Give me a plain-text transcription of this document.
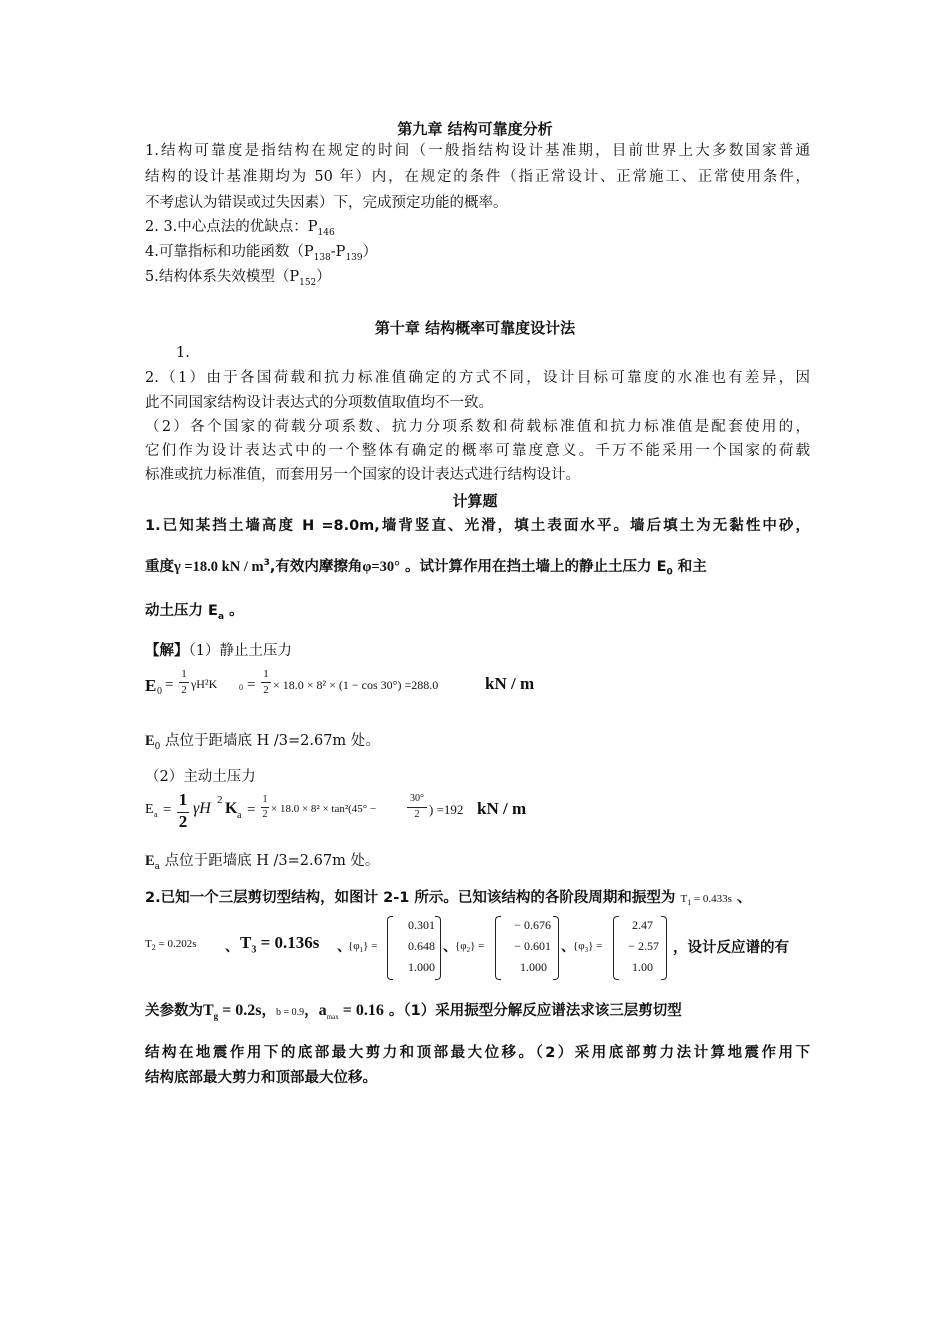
第九章 结构可靠度分析
1.结构可靠度是指结构在规定的时间（一般指结构设计基准期，目前世界上大多数国家普通
结构的设计基准期均为 50 年）内，在规定的条件（指正常设计、正常施工、正常使用条件，
不考虑认为错误或过失因素）下，完成预定功能的概率。
2. 3.中心点法的优缺点：$P_{146}$
4.可靠指标和功能函数$(P_{138}-P_{139})$
5.结构体系失效模型$(P_{152})$
第十章 结构概率可靠度设计法
1.
2.（1）由于各国荷载和抗力标准值确定的方式不同，设计目标可靠度的水准也有差异，因
此不同国家结构设计表达式的分项数值取值均不一致。
（2）各个国家的荷载分项系数、抗力分项系数和荷载标准值和抗力标准值是配套使用的，
它们作为设计表达式中的一个整体有确定的概率可靠度意义。千万不能采用一个国家的荷载
标准或抗力标准值，而套用另一个国家的设计表达式进行结构设计。
计算题
1.已知某挡土墙高度 H =8.0m,墙背竖直、光滑，填土表面水平。墙后填土为无黏性中砂，
重度γ =18.0 kN / $m^3$,有效内摩擦角φ=30° 。试计算作用在挡土墙上的静止土压力 $E_0$ 和主
动土压力 $E_a$ 。
【解】（1）静止土压力
E 0 =
1
2 γH²K	0 =
1
2 × 18.0 × 8² × (1 − cos 30°) =288.0	kN / m
$E_0$ 点位于距墙底 H /3=2.67m 处。
（2）主动土压力
E a =
1
2
γH 2 K a =
1
2 × 18.0 × 8² × tan²(45° −
30°
2 ) =192 kN / m
$E_a$ 点位于距墙底 H /3=2.67m 处。
2.已知一个三层剪切型结构，如图计 2-1 所示。已知该结构的各阶段周期和振型为 $T_1 = 0.433s$ 、
$T_2 = 0.202s$ 、 $T_3 = 0.136s$ 、
$\{\varphi_1\}$ =
0.301
0.648
1.000
、
$\{\varphi_2\}$ =
− 0.676
− 0.601
1.000
、
$\{\varphi_3\}$ =
2.47
− 2.57
1.00
，设计反应谱的有
关参数为$T_g = 0.2s$，b = 0.9，$a_{max} = 0.16$ 。（1）采用振型分解反应谱法求该三层剪切型
结构在地震作用下的底部最大剪力和顶部最大位移。（2）采用底部剪力法计算地震作用下
结构底部最大剪力和顶部最大位移。
